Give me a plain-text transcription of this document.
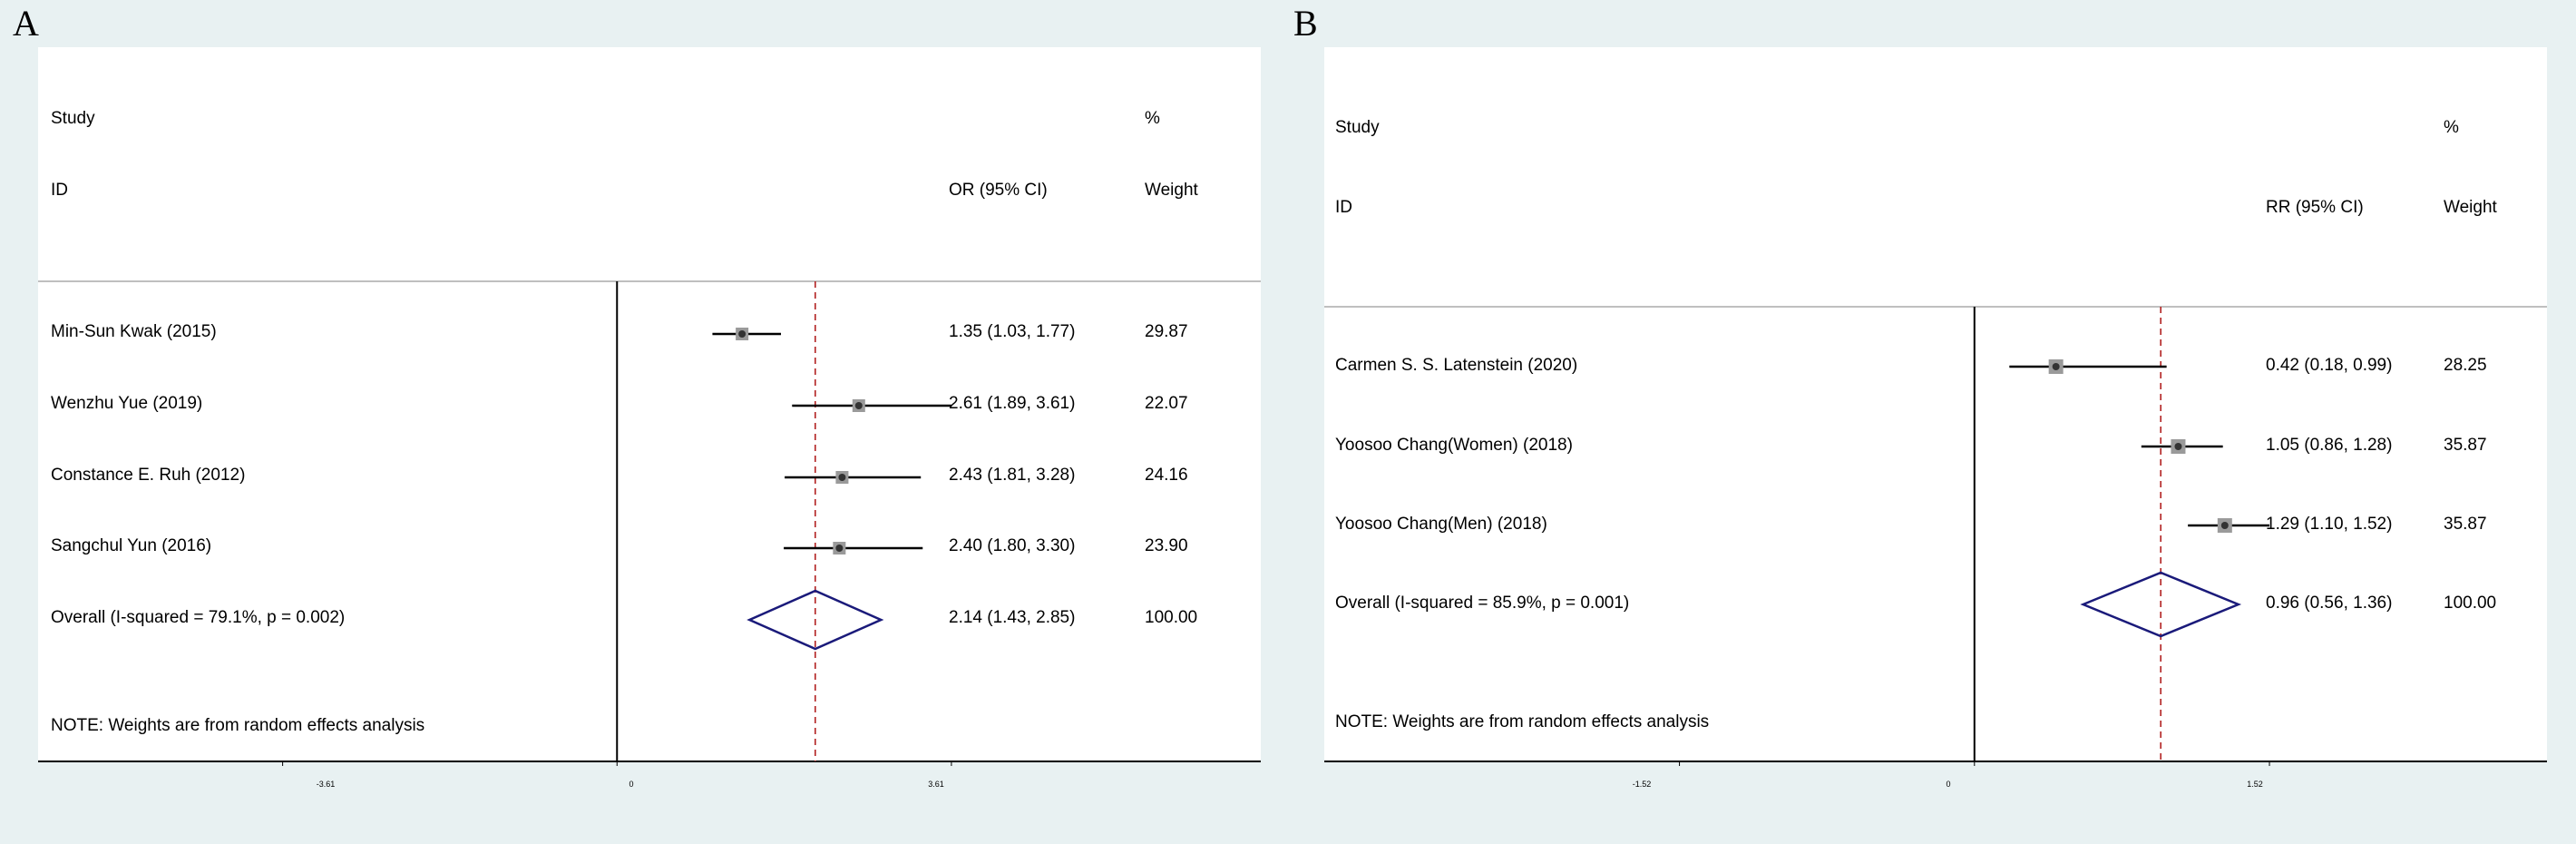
A	B
Study
ID
%
OR (95% CI)	Weight
Min-Sun Kwak (2015)	1.35 (1.03, 1.77)	29.87
Wenzhu Yue (2019)	2.61 (1.89, 3.61)	22.07
Constance E. Ruh (2012)	2.43 (1.81, 3.28)	24.16
Sangchul Yun (2016)	2.40 (1.80, 3.30)	23.90
Overall (I-squared = 79.1%, p = 0.002)	2.14 (1.43, 2.85)	100.00
NOTE: Weights are from random effects analysis
-3.61	0	3.61
Study
ID
%
RR (95% CI)	Weight
Carmen S. S. Latenstein (2020)	0.42 (0.18, 0.99)	28.25
Yoosoo Chang(Women) (2018)	1.05 (0.86, 1.28)	35.87
Yoosoo Chang(Men) (2018)	1.29 (1.10, 1.52)	35.87
Overall (I-squared = 85.9%, p = 0.001)	0.96 (0.56, 1.36)	100.00
NOTE: Weights are from random effects analysis
-1.52	0	1.52
